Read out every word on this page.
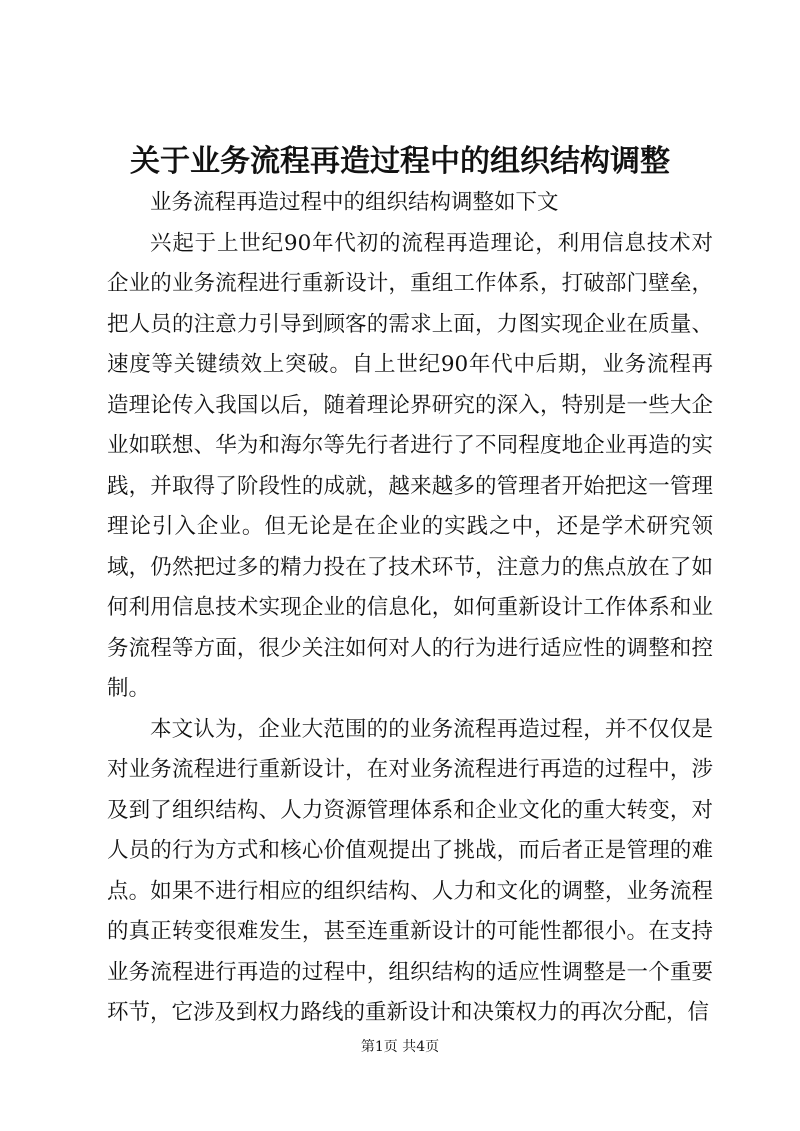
关于业务流程再造过程中的组织结构调整

业务流程再造过程中的组织结构调整如下文

兴起于上世纪90年代初的流程再造理论，利用信息技术对企业的业务流程进行重新设计，重组工作体系，打破部门壁垒，把人员的注意力引导到顾客的需求上面，力图实现企业在质量、速度等关键绩效上突破。自上世纪90年代中后期，业务流程再造理论传入我国以后，随着理论界研究的深入，特别是一些大企业如联想、华为和海尔等先行者进行了不同程度地企业再造的实践，并取得了阶段性的成就，越来越多的管理者开始把这一管理理论引入企业。但无论是在企业的实践之中，还是学术研究领域，仍然把过多的精力投在了技术环节，注意力的焦点放在了如何利用信息技术实现企业的信息化，如何重新设计工作体系和业务流程等方面，很少关注如何对人的行为进行适应性的调整和控制。

本文认为，企业大范围的的业务流程再造过程，并不仅仅是对业务流程进行重新设计，在对业务流程进行再造的过程中，涉及到了组织结构、人力资源管理体系和企业文化的重大转变，对人员的行为方式和核心价值观提出了挑战，而后者正是管理的难点。如果不进行相应的组织结构、人力和文化的调整，业务流程的真正转变很难发生，甚至连重新设计的可能性都很小。在支持业务流程进行再造的过程中，组织结构的适应性调整是一个重要环节，它涉及到权力路线的重新设计和决策权力的再次分配，信

第1页 共4页
